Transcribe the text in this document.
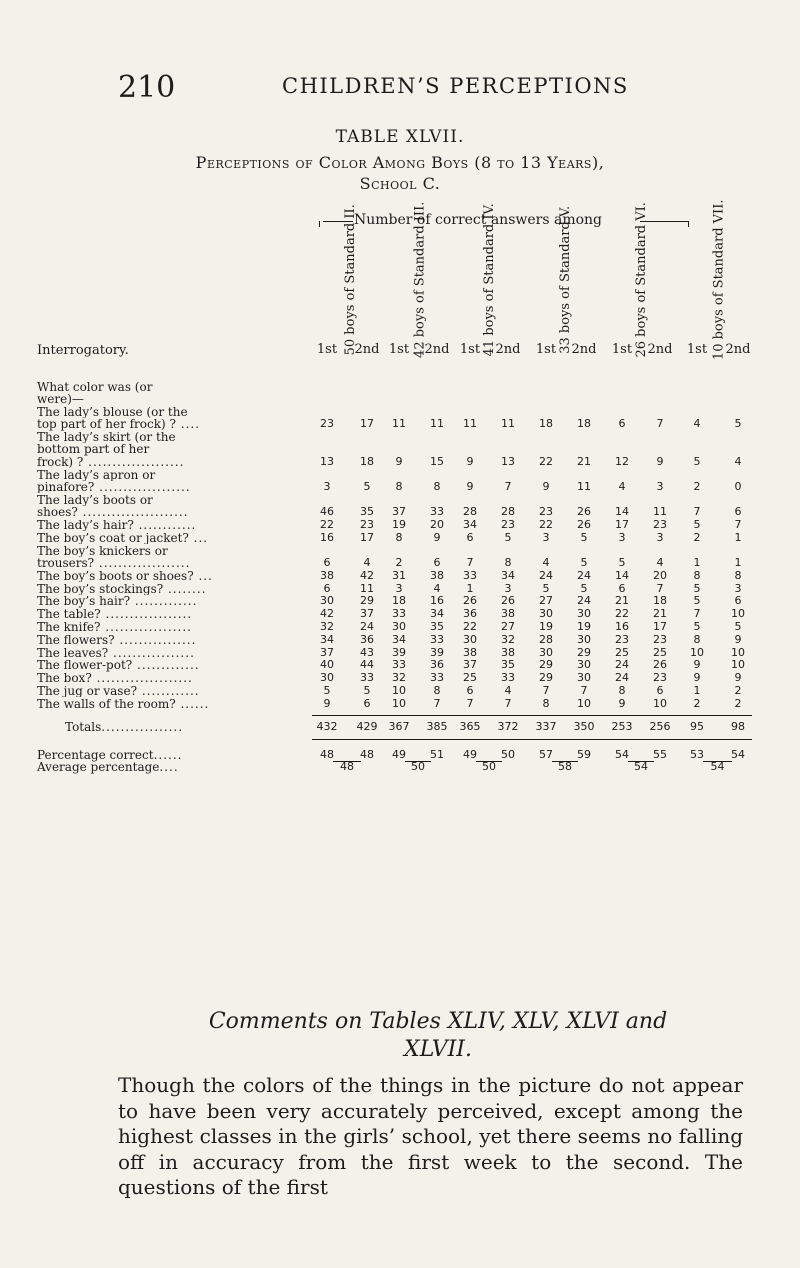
210	CHILDREN’S PERCEPTIONS
TABLE XLVII.
Perceptions of Color Among Boys (8 to 13 Years),
School C.
Number of correct answers among
50 boys of Standard II.	42 boys of Standard III.	41 boys of Standard IV.	33 boys of Standard V.	26 boys of Standard VI.	10 boys of Standard VII.
Interrogatory.	1st	2nd 1st	2nd 1st	2nd	1st	2nd	1st	2nd	1st	2nd
What color was (or
were)—
The lady’s blouse (or the
top part of her frock) ? ....	23	17	11	11	11	11	18	18	6	7	4	5
The lady’s skirt (or the
bottom part of her
frock) ? ....................	13	18	9	15	9	13	22	21	12	9	5	4
The lady’s apron or
pinafore? ...................	3	5	8	8	9	7	9	11	4	3	2	0
The lady’s boots or
shoes? ......................	46	35	37	33	28	28	23	26	14	11	7	6
The lady’s hair? ............	22	23	19	20	34	23	22	26	17	23	5	7
The boy’s coat or jacket? ...	16	17	8	9	6	5	3	5	3	3	2	1
The boy’s knickers or
trousers? ...................	6	4	2	6	7	8	4	5	5	4	1	1
The boy’s boots or shoes? ...	38	42	31	38	33	34	24	24	14	20	8	8
The boy’s stockings? ........	6	11	3	4	1	3	5	5	6	7	5	3
The boy’s hair? .............	30	29	18	16	26	26	27	24	21	18	5	6
The table? ..................	42	37	33	34	36	38	30	30	22	21	7	10
The knife? ..................	32	24	30	35	22	27	19	19	16	17	5	5
The flowers? ................	34	36	34	33	30	32	28	30	23	23	8	9
The leaves? .................	37	43	39	39	38	38	30	29	25	25	10	10
The flower-pot? .............	40	44	33	36	37	35	29	30	24	26	9	10
The box? ....................	30	33	32	33	25	33	29	30	24	23	9	9
The jug or vase? ............	5	5	10	8	6	4	7	7	8	6	1	2
The walls of the room? ......	9	6	10	7	7	7	8	10	9	10	2	2
Totals.................	432	429	367	385	365	372	337	350	253	256	95	98
Percentage correct......	48	48	49	51	49	50	57	59	54	55	53	54
Average percentage....	48	50	50	58	54	54
Comments on Tables XLIV, XLV, XLVI and
XLVII.
Though the colors of the things in the picture do not appear to have been very accurately perceived, except among the highest classes in the girls’ school, yet there seems no falling off in accuracy from the first week to the second. The questions of the first
